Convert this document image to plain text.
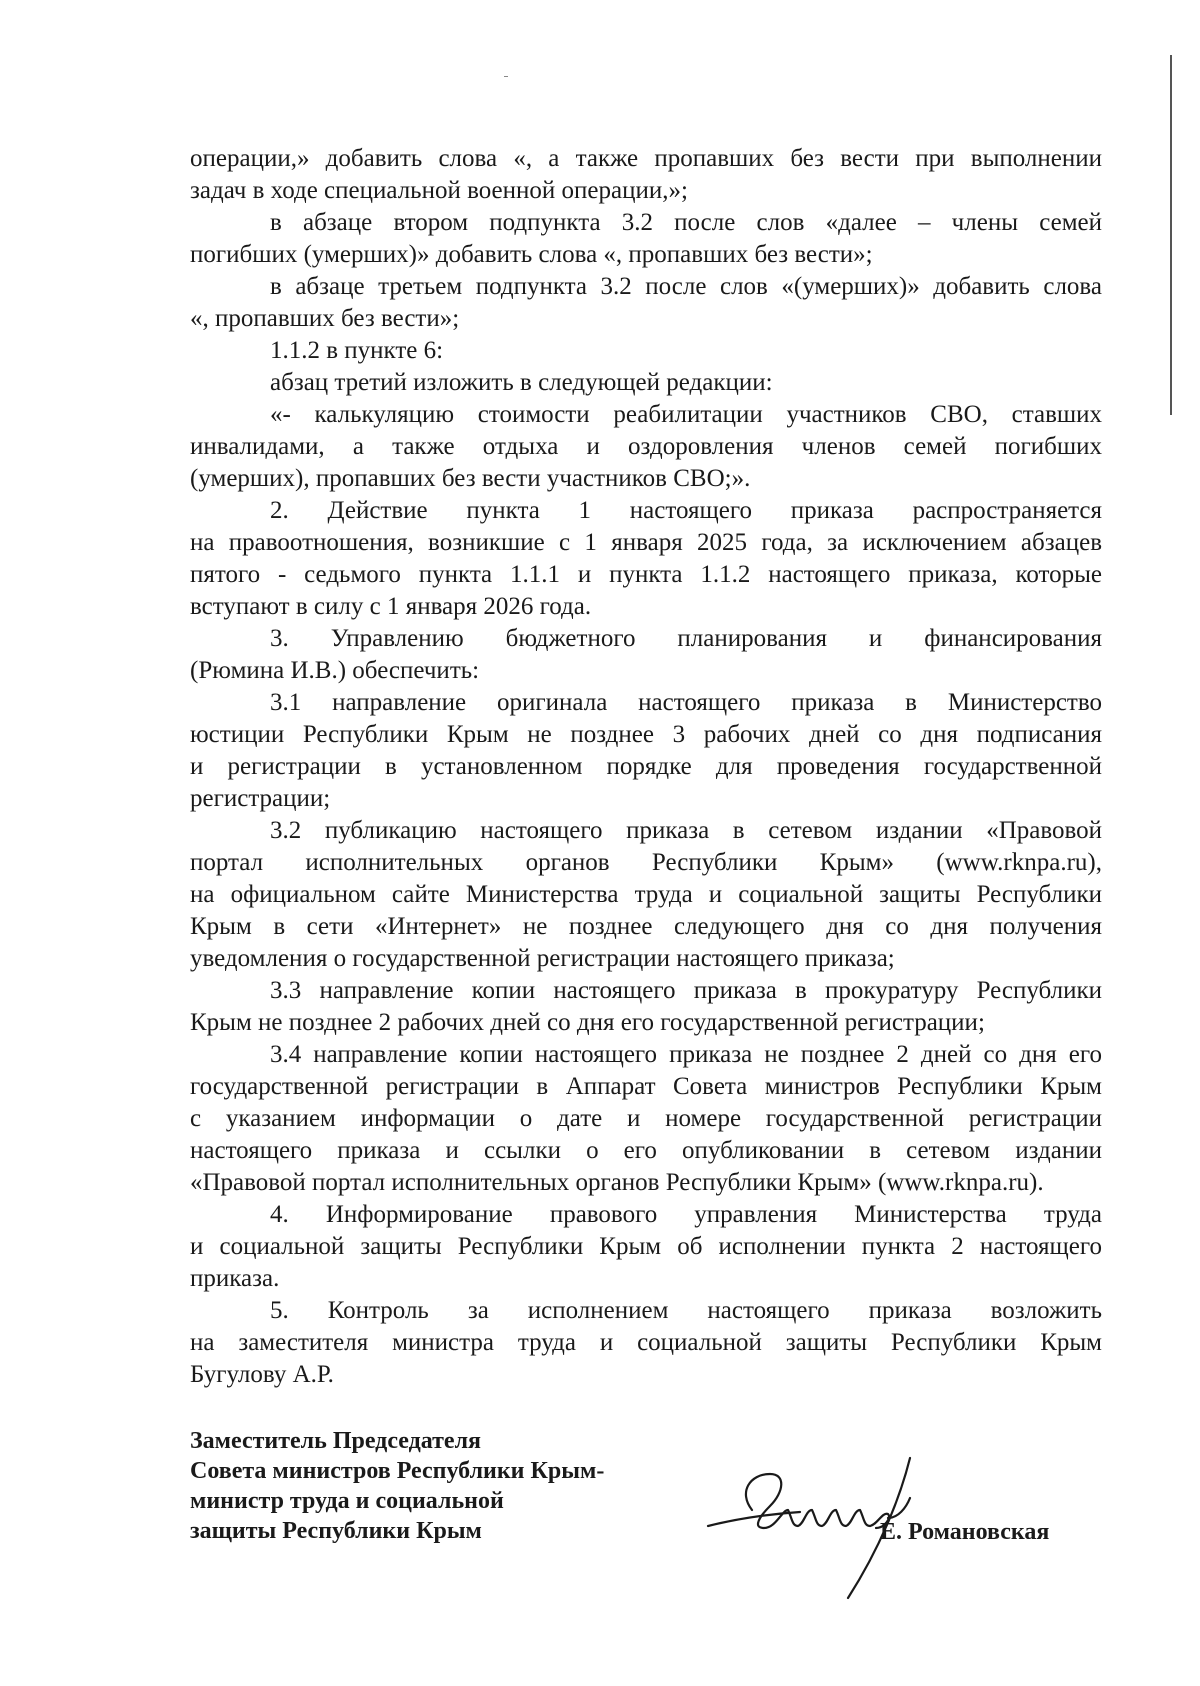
операции,» добавить слова «, а также пропавших без вести при выполнении
задач в ходе специальной военной операции,»;
в абзаце втором подпункта 3.2 после слов «далее – члены семей
погибших (умерших)» добавить слова «, пропавших без вести»;
в абзаце третьем подпункта 3.2 после слов «(умерших)» добавить слова
«, пропавших без вести»;
1.1.2 в пункте 6:
абзац третий изложить в следующей редакции:
«- калькуляцию стоимости реабилитации участников СВО, ставших
инвалидами, а также отдыха и оздоровления членов семей погибших
(умерших), пропавших без вести участников СВО;».
2. Действие пункта 1 настоящего приказа распространяется
на правоотношения, возникшие с 1 января 2025 года, за исключением абзацев
пятого - седьмого пункта 1.1.1 и пункта 1.1.2 настоящего приказа, которые
вступают в силу с 1 января 2026 года.
3. Управлению бюджетного планирования и финансирования
(Рюмина И.В.) обеспечить:
3.1 направление оригинала настоящего приказа в Министерство
юстиции Республики Крым не позднее 3 рабочих дней со дня подписания
и регистрации в установленном порядке для проведения государственной
регистрации;
3.2 публикацию настоящего приказа в сетевом издании «Правовой
портал исполнительных органов Республики Крым» (www.rknpa.ru),
на официальном сайте Министерства труда и социальной защиты Республики
Крым в сети «Интернет» не позднее следующего дня со дня получения
уведомления о государственной регистрации настоящего приказа;
3.3 направление копии настоящего приказа в прокуратуру Республики
Крым не позднее 2 рабочих дней со дня его государственной регистрации;
3.4 направление копии настоящего приказа не позднее 2 дней со дня его
государственной регистрации в Аппарат Совета министров Республики Крым
с указанием информации о дате и номере государственной регистрации
настоящего приказа и ссылки о его опубликовании в сетевом издании
«Правовой портал исполнительных органов Республики Крым» (www.rknpa.ru).
4. Информирование правового управления Министерства труда
и социальной защиты Республики Крым об исполнении пункта 2 настоящего
приказа.
5. Контроль за исполнением настоящего приказа возложить
на заместителя министра труда и социальной защиты Республики Крым
Бугулову А.Р.
Заместитель Председателя
Совета министров Республики Крым-
министр труда и социальной
защиты Республики Крым	Е. Романовская
